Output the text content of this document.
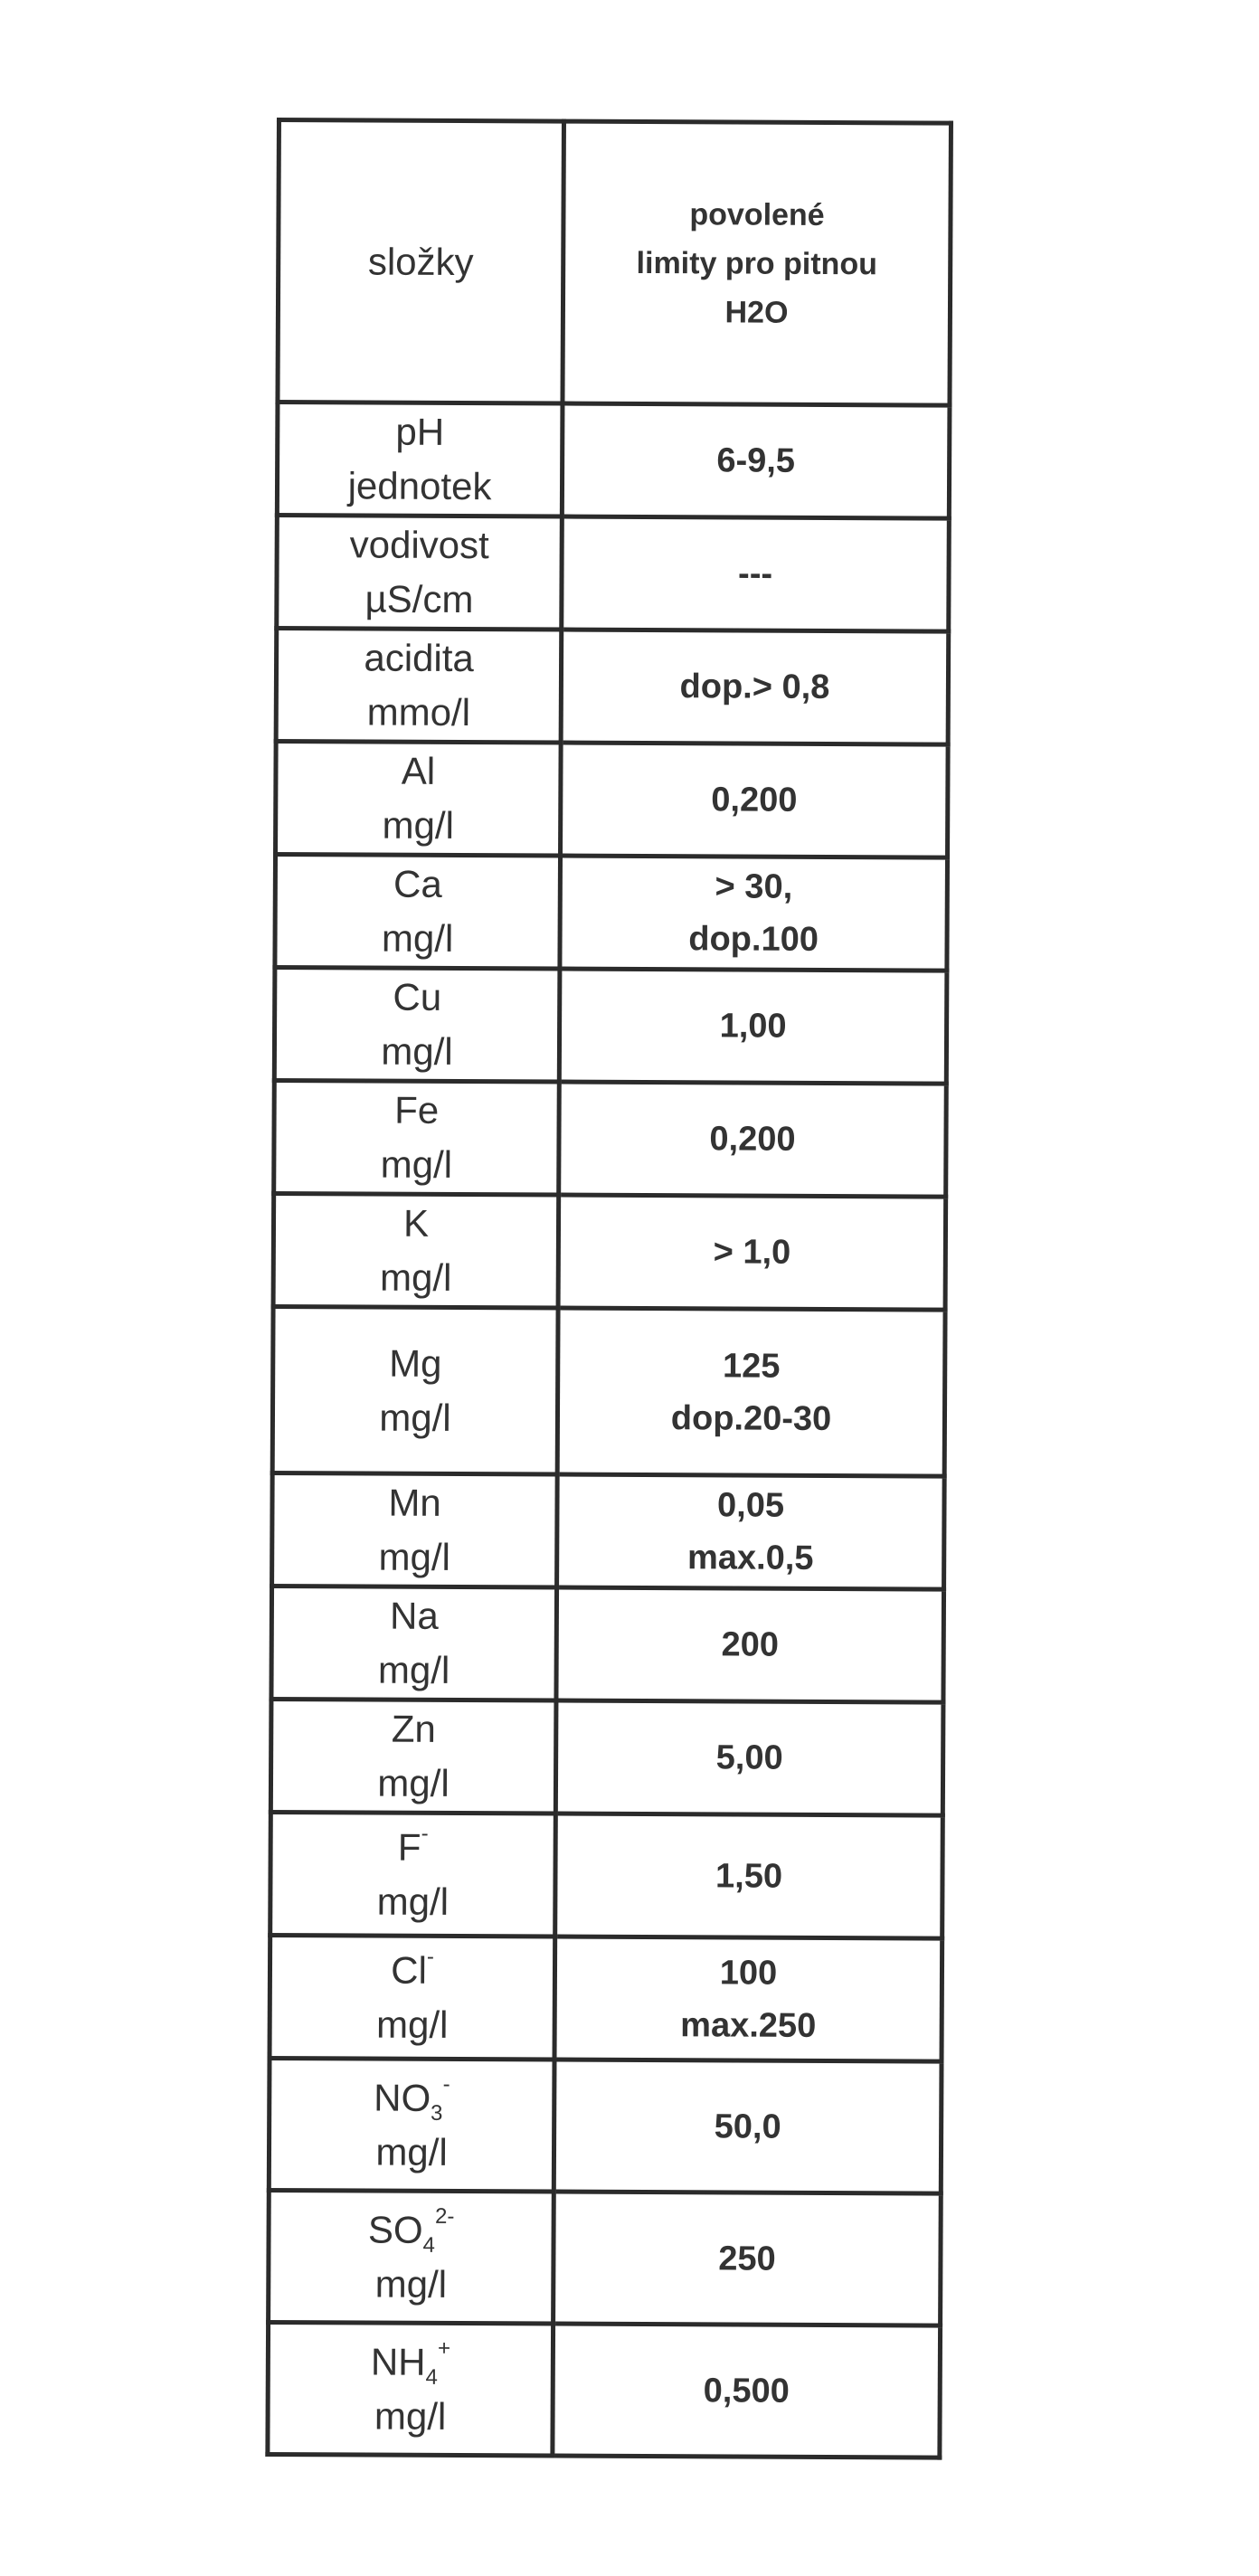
složky	povolené
limity pro pitnou
H2O

pH
jednotek	6-9,5

vodivost
µS/cm	---

acidita
mmo/l	dop.> 0,8

Al
mg/l	0,200

Ca
mg/l	> 30,
dop.100

Cu
mg/l	1,00

Fe
mg/l	0,200

K
mg/l	> 1,0

Mg
mg/l	125
dop.20-30

Mn
mg/l	0,05
max.0,5

Na
mg/l	200

Zn
mg/l	5,00

F-
mg/l	1,50

Cl-
mg/l	100
max.250

$NO_3^-$
mg/l	50,0

$SO_4^{2-}$
mg/l	250

$NH_4^+$
mg/l	0,500
